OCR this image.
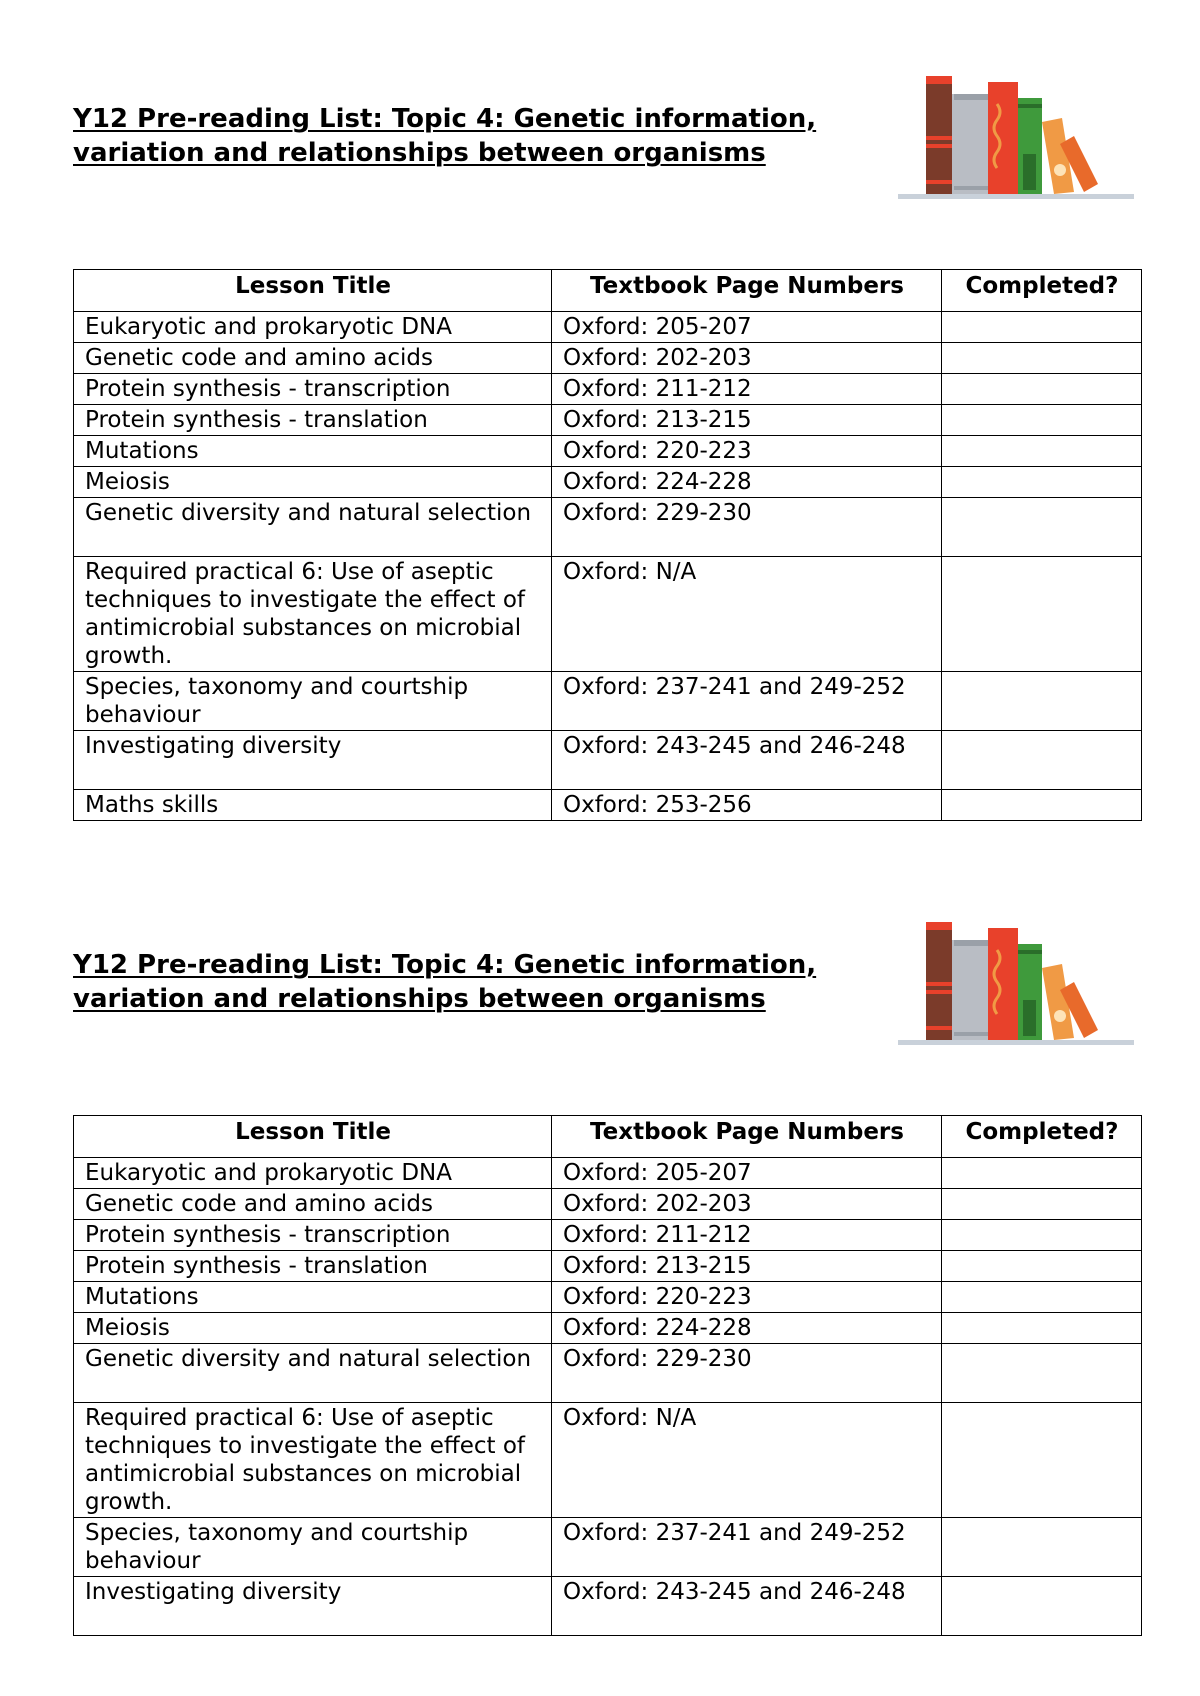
Y12 Pre-reading List: Topic 4: Genetic information, variation and relationships between organisms
Lesson Title	Textbook Page Numbers	Completed?
Eukaryotic and prokaryotic DNA	Oxford: 205-207	
Genetic code and amino acids	Oxford: 202-203	
Protein synthesis - transcription	Oxford: 211-212	
Protein synthesis - translation	Oxford: 213-215	
Mutations	Oxford: 220-223	
Meiosis	Oxford: 224-228	
Genetic diversity and natural selection	Oxford: 229-230	
Required practical 6: Use of aseptic techniques to investigate the effect of antimicrobial substances on microbial growth.	Oxford: N/A	
Species, taxonomy and courtship behaviour	Oxford: 237-241 and 249-252	
Investigating diversity	Oxford: 243-245 and 246-248	
Maths skills	Oxford: 253-256	
Y12 Pre-reading List: Topic 4: Genetic information, variation and relationships between organisms
Lesson Title	Textbook Page Numbers	Completed?
Eukaryotic and prokaryotic DNA	Oxford: 205-207	
Genetic code and amino acids	Oxford: 202-203	
Protein synthesis - transcription	Oxford: 211-212	
Protein synthesis - translation	Oxford: 213-215	
Mutations	Oxford: 220-223	
Meiosis	Oxford: 224-228	
Genetic diversity and natural selection	Oxford: 229-230	
Required practical 6: Use of aseptic techniques to investigate the effect of antimicrobial substances on microbial growth.	Oxford: N/A	
Species, taxonomy and courtship behaviour	Oxford: 237-241 and 249-252	
Investigating diversity	Oxford: 243-245 and 246-248	
